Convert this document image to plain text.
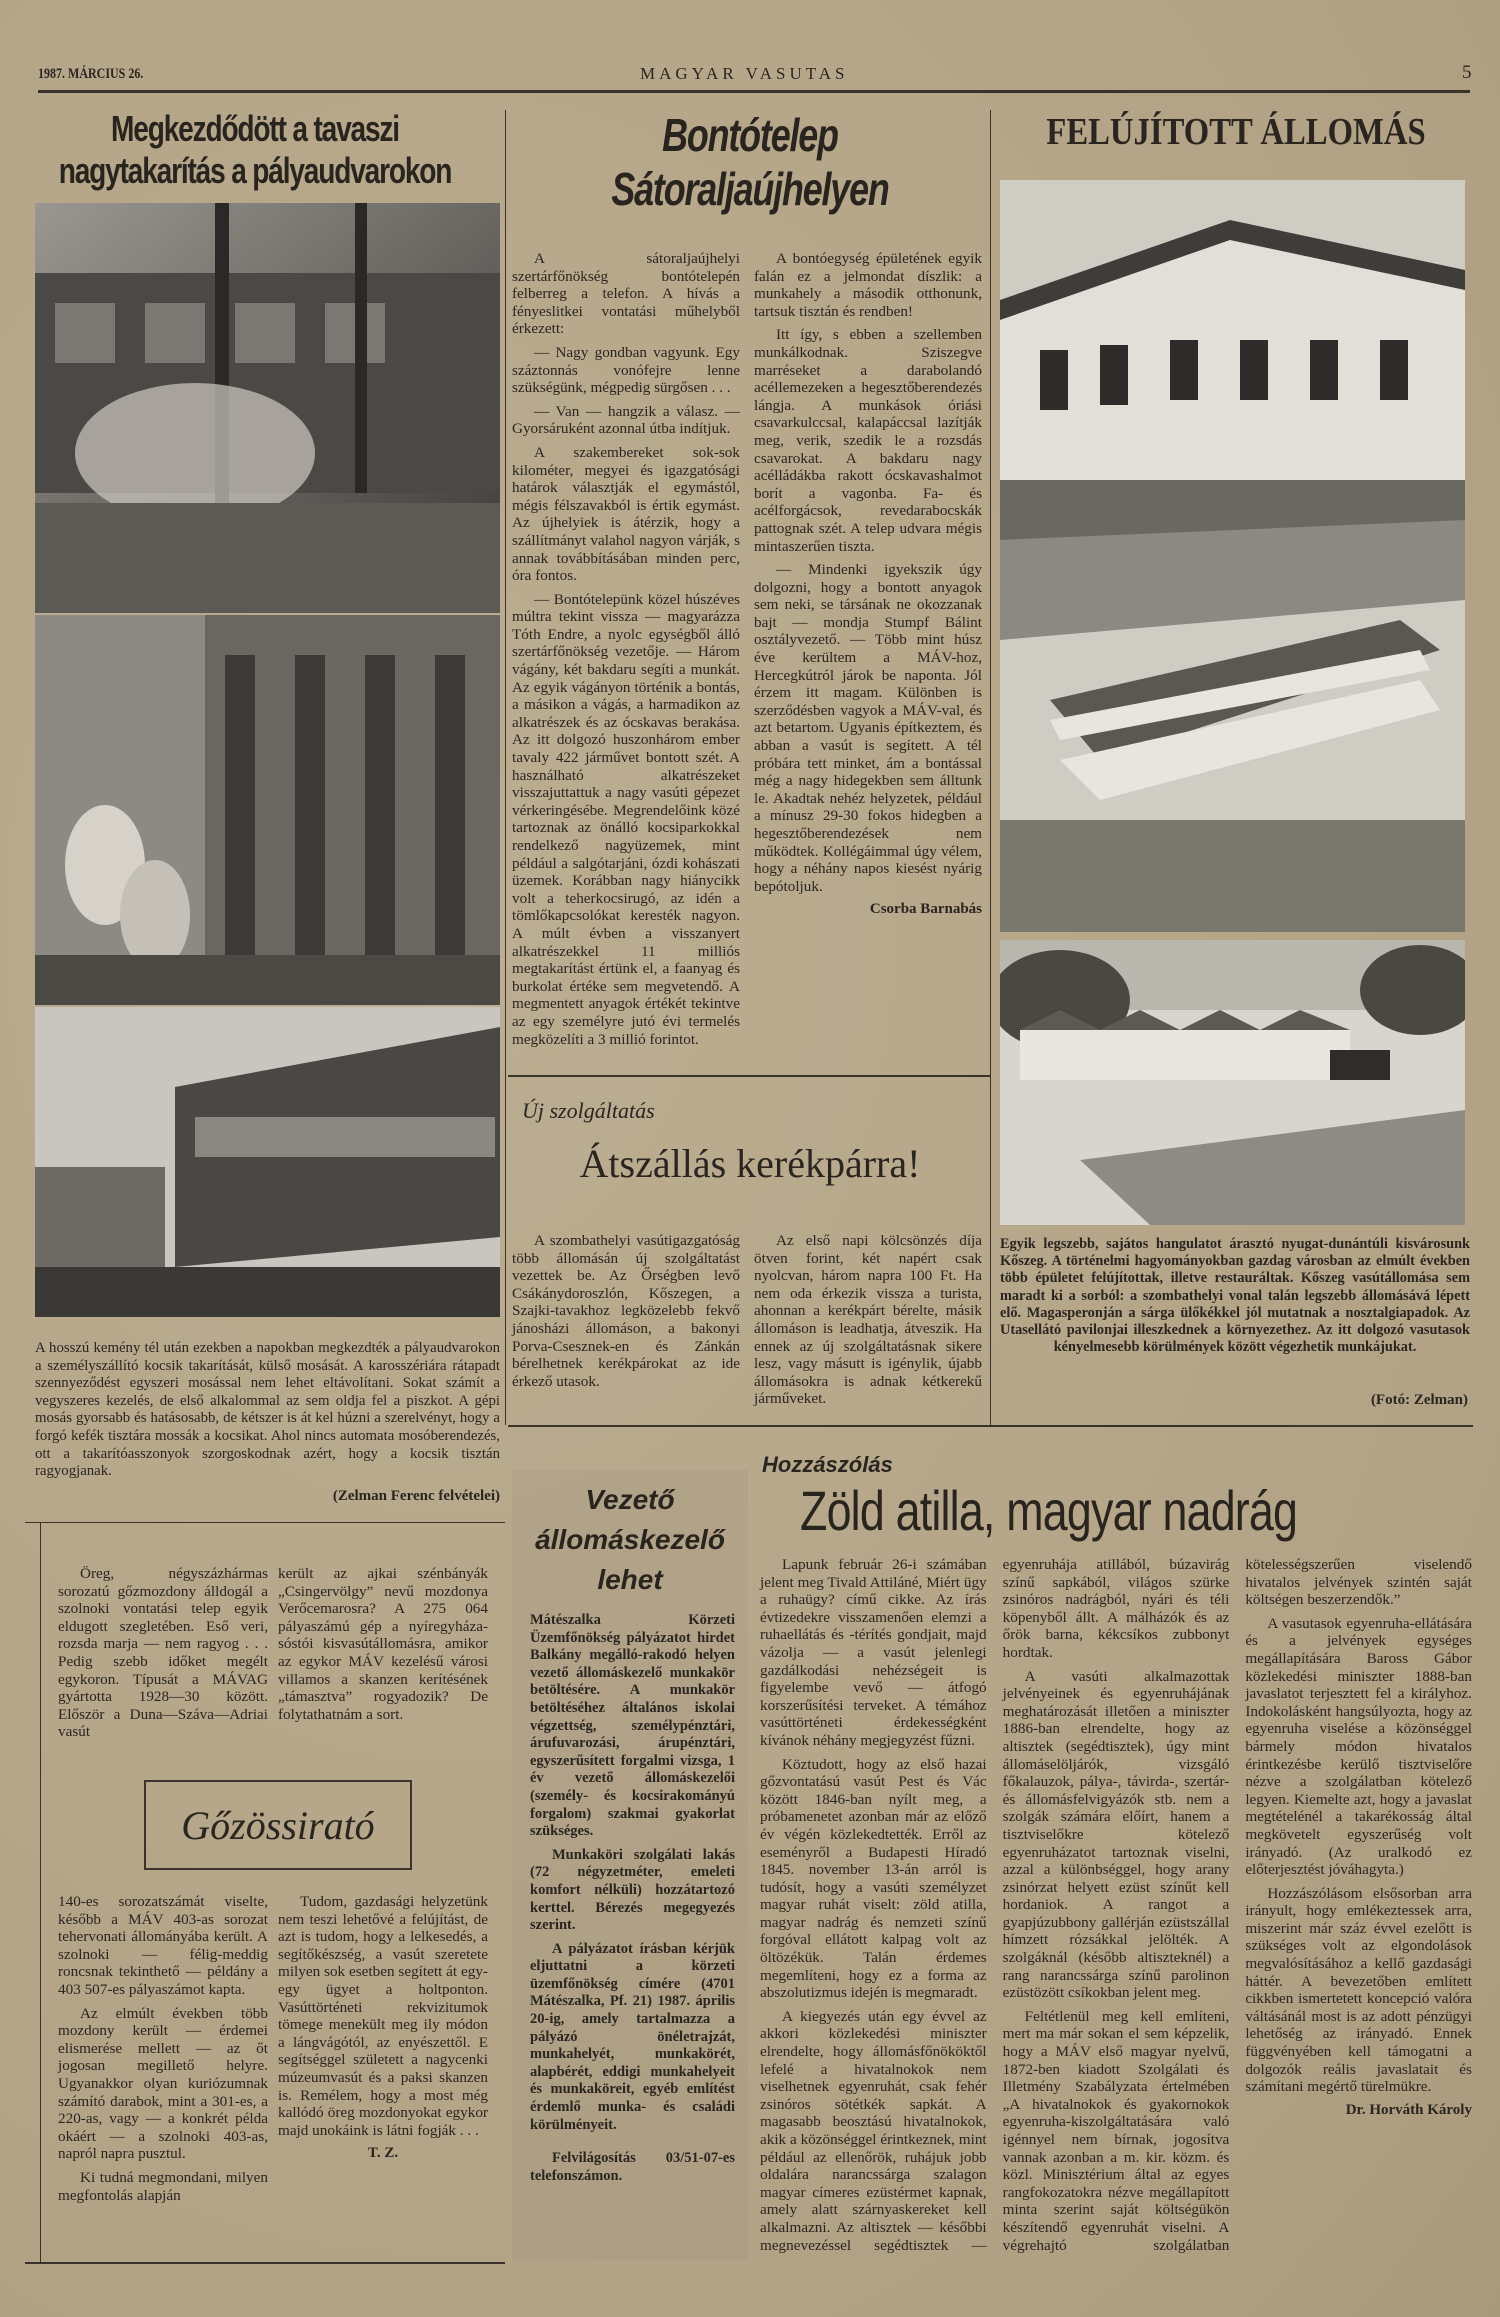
1987. MÁRCIUS 26.	MAGYAR VASUTAS	5
Megkezdődött a tavaszi
nagytakarítás a pályaudvarokon
A hosszú kemény tél után ezekben a napokban megkezdték a pályaudvarokon a személyszállító kocsik takarítását, külső mosását. A karosszériára rátapadt szennyeződést egyszeri mosással nem lehet eltávolítani. Sokat számít a vegyszeres kezelés, de első alkalommal az sem oldja fel a piszkot. A gépi mosás gyorsabb és hatásosabb, de kétszer is át kel húzni a szerelvényt, hogy a forgó kefék tisztára mossák a kocsikat. Ahol nincs automata mosóberendezés, ott a takarítóasszonyok szorgoskodnak azért, hogy a kocsik tisztán ragyogjanak.
(Zelman Ferenc felvételei)

Öreg, négyszázhármas sorozatú gőzmozdony álldogál a szolnoki vontatási telep egyik eldugott szegletében. Eső veri, rozsda marja — nem ragyog . . . Pedig szebb időket megélt egykoron. Típusát a MÁVAG gyártotta 1928—30 között. Először a Duna—Száva—Adriai vasút

került az ajkai szénbányák „Csingervölgy” nevű mozdonya Verőcemarosra? A 275 064 pályaszámú gép a nyíregyháza-sóstói kisvasútállomásra, amikor az egykor MÁV kezelésű városi villamos a skanzen kerítésének „támasztva” rogyadozik? De folytathatnám a sort.

Gőzössirató

140-es sorozatszámát viselte, később a MÁV 403-as sorozat tehervonati állományába került. A szolnoki — félig-meddig roncsnak tekinthető — példány a 403 507-es pályaszámot kapta.

Az elmúlt években több mozdony került — érdemei elismerése mellett — az őt jogosan megillető helyre. Ugyanakkor olyan kuriózumnak számító darabok, mint a 301-es, a 220-as, vagy — a konkrét példa okáért — a szolnoki 403-as, napról napra pusztul.

Ki tudná megmondani, milyen megfontolás alapján

Tudom, gazdasági helyzetünk nem teszi lehetővé a felújítást, de azt is tudom, hogy a lelkesedés, a segítőkészség, a vasút szeretete milyen sok esetben segített át egy-egy ügyet a holtponton. Vasúttörténeti rekvizitumok tömege menekült meg ily módon a lángvágótól, az enyészettől. E segítséggel született a nagycenki múzeumvasút és a paksi skanzen is. Remélem, hogy a most még kallódó öreg mozdonyokat egykor majd unokáink is látni fogják . . .

T. Z.
Bontótelep
Sátoraljaújhelyen

A sátoraljaújhelyi szertárfőnökség bontótelepén felberreg a telefon. A hívás a fényeslitkei vontatási műhelyből érkezett:

— Nagy gondban vagyunk. Egy száztonnás vonófejre lenne szükségünk, mégpedig sürgősen . . .

— Van — hangzik a válasz. — Gyorsáruként azonnal útba indítjuk.

A szakembereket sok-sok kilométer, megyei és igazgatósági határok választják el egymástól, mégis félszavakból is értik egymást. Az újhelyiek is átérzik, hogy a szállítmányt valahol nagyon várják, s annak továbbításában minden perc, óra fontos.

— Bontótelepünk közel húszéves múltra tekint vissza — magyarázza Tóth Endre, a nyolc egységből álló szertárfőnökség vezetője. — Három vágány, két bakdaru segíti a munkát. Az egyik vágányon történik a bontás, a másikon a vágás, a harmadikon az alkatrészek és az ócskavas berakása. Az itt dolgozó huszonhárom ember tavaly 422 járművet bontott szét. A használható alkatrészeket visszajuttattuk a nagy vasúti gépezet vérkeringésébe. Megrendelőink közé tartoznak az önálló kocsiparkokkal rendelkező nagyüzemek, mint például a salgótarjáni, ózdi kohászati üzemek. Korábban nagy hiánycikk volt a teherkocsirugó, az idén a tömlőkapcsolókat keresték nagyon. A múlt évben a visszanyert alkatrészekkel 11 milliós megtakarítást értünk el, a faanyag és burkolat értéke sem megvetendő. A megmentett anyagok értékét tekintve az egy személyre jutó évi termelés megközelíti a 3 millió forintot.

A bontóegység épületének egyik falán ez a jelmondat díszlik: a munkahely a második otthonunk, tartsuk tisztán és rendben!

Itt így, s ebben a szellemben munkálkodnak. Sziszegve marréseket a darabolandó acéllemezeken a hegesztőberendezés lángja. A munkások óriási csavarkulccsal, kalapáccsal lazítják meg, verik, szedik le a rozsdás csavarokat. A bakdaru nagy acélládákba rakott ócskavashalmot borít a vagonba. Fa- és acélforgácsok, revedarabocskák pattognak szét. A telep udvara mégis mintaszerűen tiszta.

— Mindenki igyekszik úgy dolgozni, hogy a bontott anyagok sem neki, se társának ne okozzanak bajt — mondja Stumpf Bálint osztályvezető. — Több mint húsz éve kerültem a MÁV-hoz, Hercegkútról járok be naponta. Jól érzem itt magam. Különben is szerződésben vagyok a MÁV-val, és azt betartom. Ugyanis építkeztem, és abban a vasút is segített. A tél próbára tett minket, ám a bontással még a nagy hidegekben sem álltunk le. Akadtak nehéz helyzetek, például a mínusz 29-30 fokos hidegben a hegesztőberendezések nem működtek. Kollégáimmal úgy vélem, hogy a néhány napos kiesést nyárig bepótoljuk.

Csorba Barnabás
Új szolgáltatás
Átszállás kerékpárra!

A szombathelyi vasútigazgatóság több állomásán új szolgáltatást vezettek be. Az Őrségben levő Csákánydoroszlón, Kőszegen, a Szajki-tavakhoz legközelebb fekvő jánosházi állomáson, a bakonyi Porva-Csesznek-en és Zánkán bérelhetnek kerékpárokat az ide érkező utasok.

Az első napi kölcsönzés díja ötven forint, két napért csak nyolcvan, három napra 100 Ft. Ha nem oda érkezik vissza a turista, ahonnan a kerékpárt bérelte, másik állomáson is leadhatja, átveszik. Ha ennek az új szolgáltatásnak sikere lesz, vagy másutt is igénylik, újabb állomásokra is adnak kétkerekű járműveket.

FELÚJÍTOTT ÁLLOMÁS
Egyik legszebb, sajátos hangulatot árasztó nyugat-dunántúli kisvárosunk Kőszeg. A történelmi hagyományokban gazdag városban az elmúlt években több épületet felújítottak, illetve restauráltak. Kőszeg vasútállomása sem maradt ki a sorból: a szombathelyi vonal talán legszebb állomásává lépett elő. Magasperonján a sárga ülőkékkel jól mutatnak a nosztalgiapadok. Az Utasellátó pavilonjai illeszkednek a környezethez. Az itt dolgozó vasutasok kényelmesebb körülmények között végezhetik munkájukat.
(Fotó: Zelman)
Vezető
állomáskezelő
lehet

Mátészalka Körzeti Üzemfőnökség pályázatot hirdet Balkány megálló-rakodó helyen vezető állomáskezelő munkakör betöltésére. A munkakör betöltéséhez általános iskolai végzettség, személypénztári, árufuvarozási, árupénztári, egyszerűsített forgalmi vizsga, 1 év vezető állomáskezelői (személy- és kocsirakományú forgalom) szakmai gyakorlat szükséges.

Munkaköri szolgálati lakás (72 négyzetméter, emeleti komfort nélküli) hozzátartozó kerttel. Bérezés megegyezés szerint.

A pályázatot írásban kérjük eljuttatni a körzeti üzemfőnökség címére (4701 Mátészalka, Pf. 21) 1987. április 20-ig, amely tartalmazza a pályázó önéletrajzát, munkahelyét, munkakörét, alapbérét, eddigi munkahelyeit és munkaköreit, egyéb említést érdemlő munka- és családi körülményeit.

Felvilágosítás 03/51-07-es telefonszámon.

Hozzászólás
Zöld atilla, magyar nadrág

Lapunk február 26-i számában jelent meg Tivald Attiláné, Miért ügy a ruhaügy? című cikke. Az írás évtizedekre visszamenően elemzi a ruhaellátás és -térítés gondjait, majd vázolja — a vasút jelenlegi gazdálkodási nehézségeit is figyelembe vevő — átfogó korszerűsítési terveket. A témához vasúttörténeti érdekességként kívánok néhány megjegyzést fűzni.

Köztudott, hogy az első hazai gőzvontatású vasút Pest és Vác között 1846-ban nyílt meg, a próbamenetet azonban már az előző év végén közlekedtették. Erről az eseményről a Budapesti Híradó 1845. november 13-án arról is tudósít, hogy a vasúti személyzet magyar ruhát viselt: zöld atilla, magyar nadrág és nemzeti színű forgóval ellátott kalpag volt az öltözékük. Talán érdemes megemlíteni, hogy ez a forma az abszolutizmus idején is megmaradt.

A kiegyezés után egy évvel az akkori közlekedési miniszter elrendelte, hogy állomásfőnököktől lefelé a hivatalnokok nem viselhetnek egyenruhát, csak fehér zsinóros sötétkék sapkát. A magasabb beosztású hivatalnokok, akik a közönséggel érintkeznek, mint például az ellenőrök, ruhájuk jobb oldalára narancssárga szalagon magyar címeres ezüstérmet kapnak, amely alatt szárnyaskereket kell alkalmazni. Az altisztek — későbbi megnevezéssel segédtisztek — egyenruhája atillából, búzavirág színű sapkából, világos szürke zsinóros nadrágból, nyári és téli köpenyből állt. A málházók és az őrök barna, kékcsíkos zubbonyt hordtak.

A vasúti alkalmazottak jelvényeinek és egyenruhájának meghatározását illetően a miniszter 1886-ban elrendelte, hogy az altisztek (segédtisztek), úgy mint állomáselöljárók, vizsgáló főkalauzok, pálya-, távirda-, szertár- és állomásfelvigyázók stb. nem a szolgák számára előírt, hanem a tisztviselőkre kötelező egyenruházatot tartoznak viselni, azzal a különbséggel, hogy arany zsinórzat helyett ezüst színűt kell hordaniok. A rangot a gyapjúzubbony gallérján ezüstszállal hímzett rózsákkal jelölték. A szolgáknál (később altiszteknél) a rang narancssárga színű parolinon ezüstözött csíkokban jelent meg.

Feltétlenül meg kell említeni, mert ma már sokan el sem képzelik, hogy a MÁV első magyar nyelvű, 1872-ben kiadott Szolgálati és Illetmény Szabályzata értelmében „A hivatalnokok és gyakornokok egyenruha-kiszolgáltatására való igénnyel nem bírnak, jogosítva vannak azonban a m. kir. közm. és közl. Minisztérium által az egyes rangfokozatokra nézve megállapított minta szerint saját költségükön készítendő egyenruhát viselni. A végrehajtó szolgálatban kötelességszerűen viselendő hivatalos jelvények szintén saját költségen beszerzendők.”

A vasutasok egyenruha-ellátására és a jelvények egységes megállapítására Baross Gábor közlekedési miniszter 1888-ban javaslatot terjesztett fel a királyhoz. Indokolásként hangsúlyozta, hogy az egyenruha viselése a közönséggel bármely módon hivatalos érintkezésbe kerülő tisztviselőre nézve a szolgálatban kötelező legyen. Kiemelte azt, hogy a javaslat megtételénél a takarékosság által megkövetelt egyszerűség volt irányadó. (Az uralkodó ez előterjesztést jóváhagyta.)

Hozzászólásom elsősorban arra irányult, hogy emlékeztessek arra, miszerint már száz évvel ezelőtt is szükséges volt az elgondolások megvalósításához a kellő gazdasági háttér. A bevezetőben említett cikkben ismertetett koncepció valóra váltásánál most is az adott pénzügyi lehetőség az irányadó. Ennek függvényében kell támogatni a dolgozók reális javaslatait és számítani megértő türelmükre.

Dr. Horváth Károly
